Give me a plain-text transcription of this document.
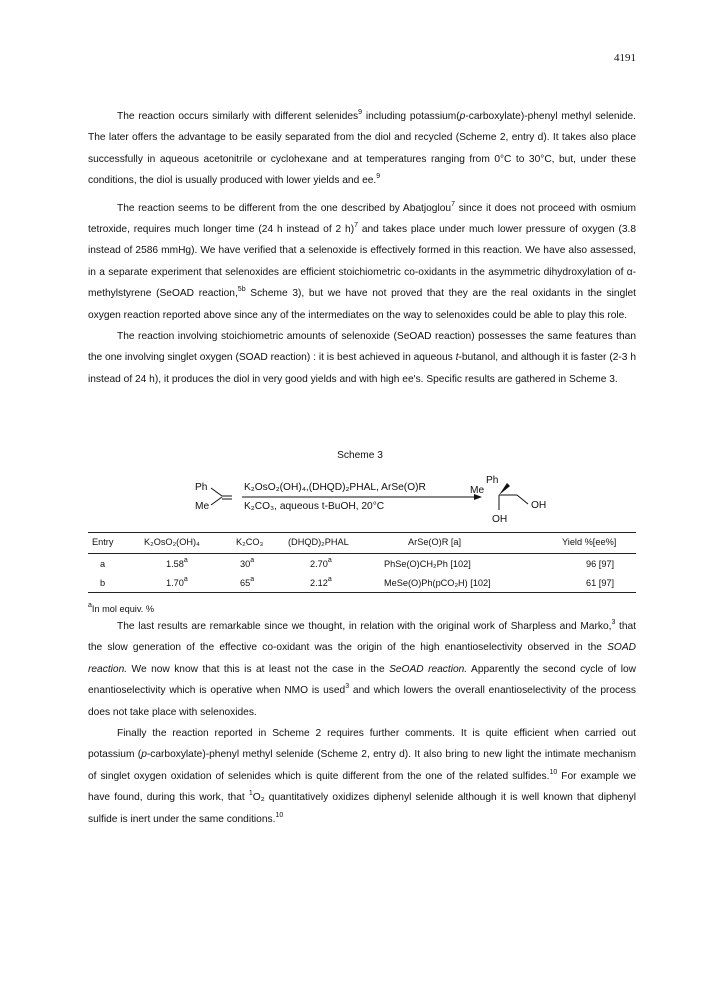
4191

The reaction occurs similarly with different selenides$^9$ including potassium(p-carboxylate)-phenyl methyl selenide. The later offers the advantage to be easily separated from the diol and recycled (Scheme 2, entry d). It takes also place successfully in aqueous acetonitrile or cyclohexane and at temperatures ranging from 0°C to 30°C, but, under these conditions, the diol is usually produced with lower yields and ee.$^9$

The reaction seems to be different from the one described by Abatjoglou$^7$ since it does not proceed with osmium tetroxide, requires much longer time (24 h instead of 2 h)$^7$ and takes place under much lower pressure of oxygen (3.8 instead of 2586 mmHg). We have verified that a selenoxide is effectively formed in this reaction. We have also assessed, in a separate experiment that selenoxides are efficient stoichiometric co-oxidants in the asymmetric dihydroxylation of α-methylstyrene (SeOAD reaction,$^{5b}$ Scheme 3), but we have not proved that they are the real oxidants in the singlet oxygen reaction reported above since any of the intermediates on the way to selenoxides could be able to play this role.

The reaction involving stoichiometric amounts of selenoxide (SeOAD reaction) possesses the same features than the one involving singlet oxygen (SOAD reaction) : it is best achieved in aqueous t-butanol, and although it is faster (2-3 h instead of 24 h), it produces the diol in very good yields and with high ee's. Specific results are gathered in Scheme 3.

Scheme 3
Ph
Me
K₂OsO₂(OH)₄,(DHQD)₂PHAL, ArSe(O)R
K₂CO₃, aqueous t-BuOH, 20°C
Ph
Me
OH
OH
Entry	K₂OsO₂(OH)₄	K₂CO₃	(DHQD)₂PHAL	ArSe(O)R [a]	Yield %[ee%]
a	1.58$^a$	30$^a$	2.70$^a$	PhSe(O)CH₂Ph [102]	96 [97]
b	1.70$^a$	65$^a$	2.12$^a$	MeSe(O)Ph(pCO₂H) [102]	61 [97]
$^a$In mol equiv. %

The last results are remarkable since we thought, in relation with the original work of Sharpless and Marko,$^3$ that the slow generation of the effective co-oxidant was the origin of the high enantioselectivity observed in the SOAD reaction. We now know that this is at least not the case in the SeOAD reaction. Apparently the second cycle of low enantioselectivity which is operative when NMO is used$^3$ and which lowers the overall enantioselectivity of the process does not take place with selenoxides.

Finally the reaction reported in Scheme 2 requires further comments. It is quite efficient when carried out potassium (p-carboxylate)-phenyl methyl selenide (Scheme 2, entry d). It also bring to new light the intimate mechanism of singlet oxygen oxidation of selenides which is quite different from the one of the related sulfides.$^{10}$ For example we have found, during this work, that $^1$O₂ quantitatively oxidizes diphenyl selenide although it is well known that diphenyl sulfide is inert under the same conditions.$^{10}$
